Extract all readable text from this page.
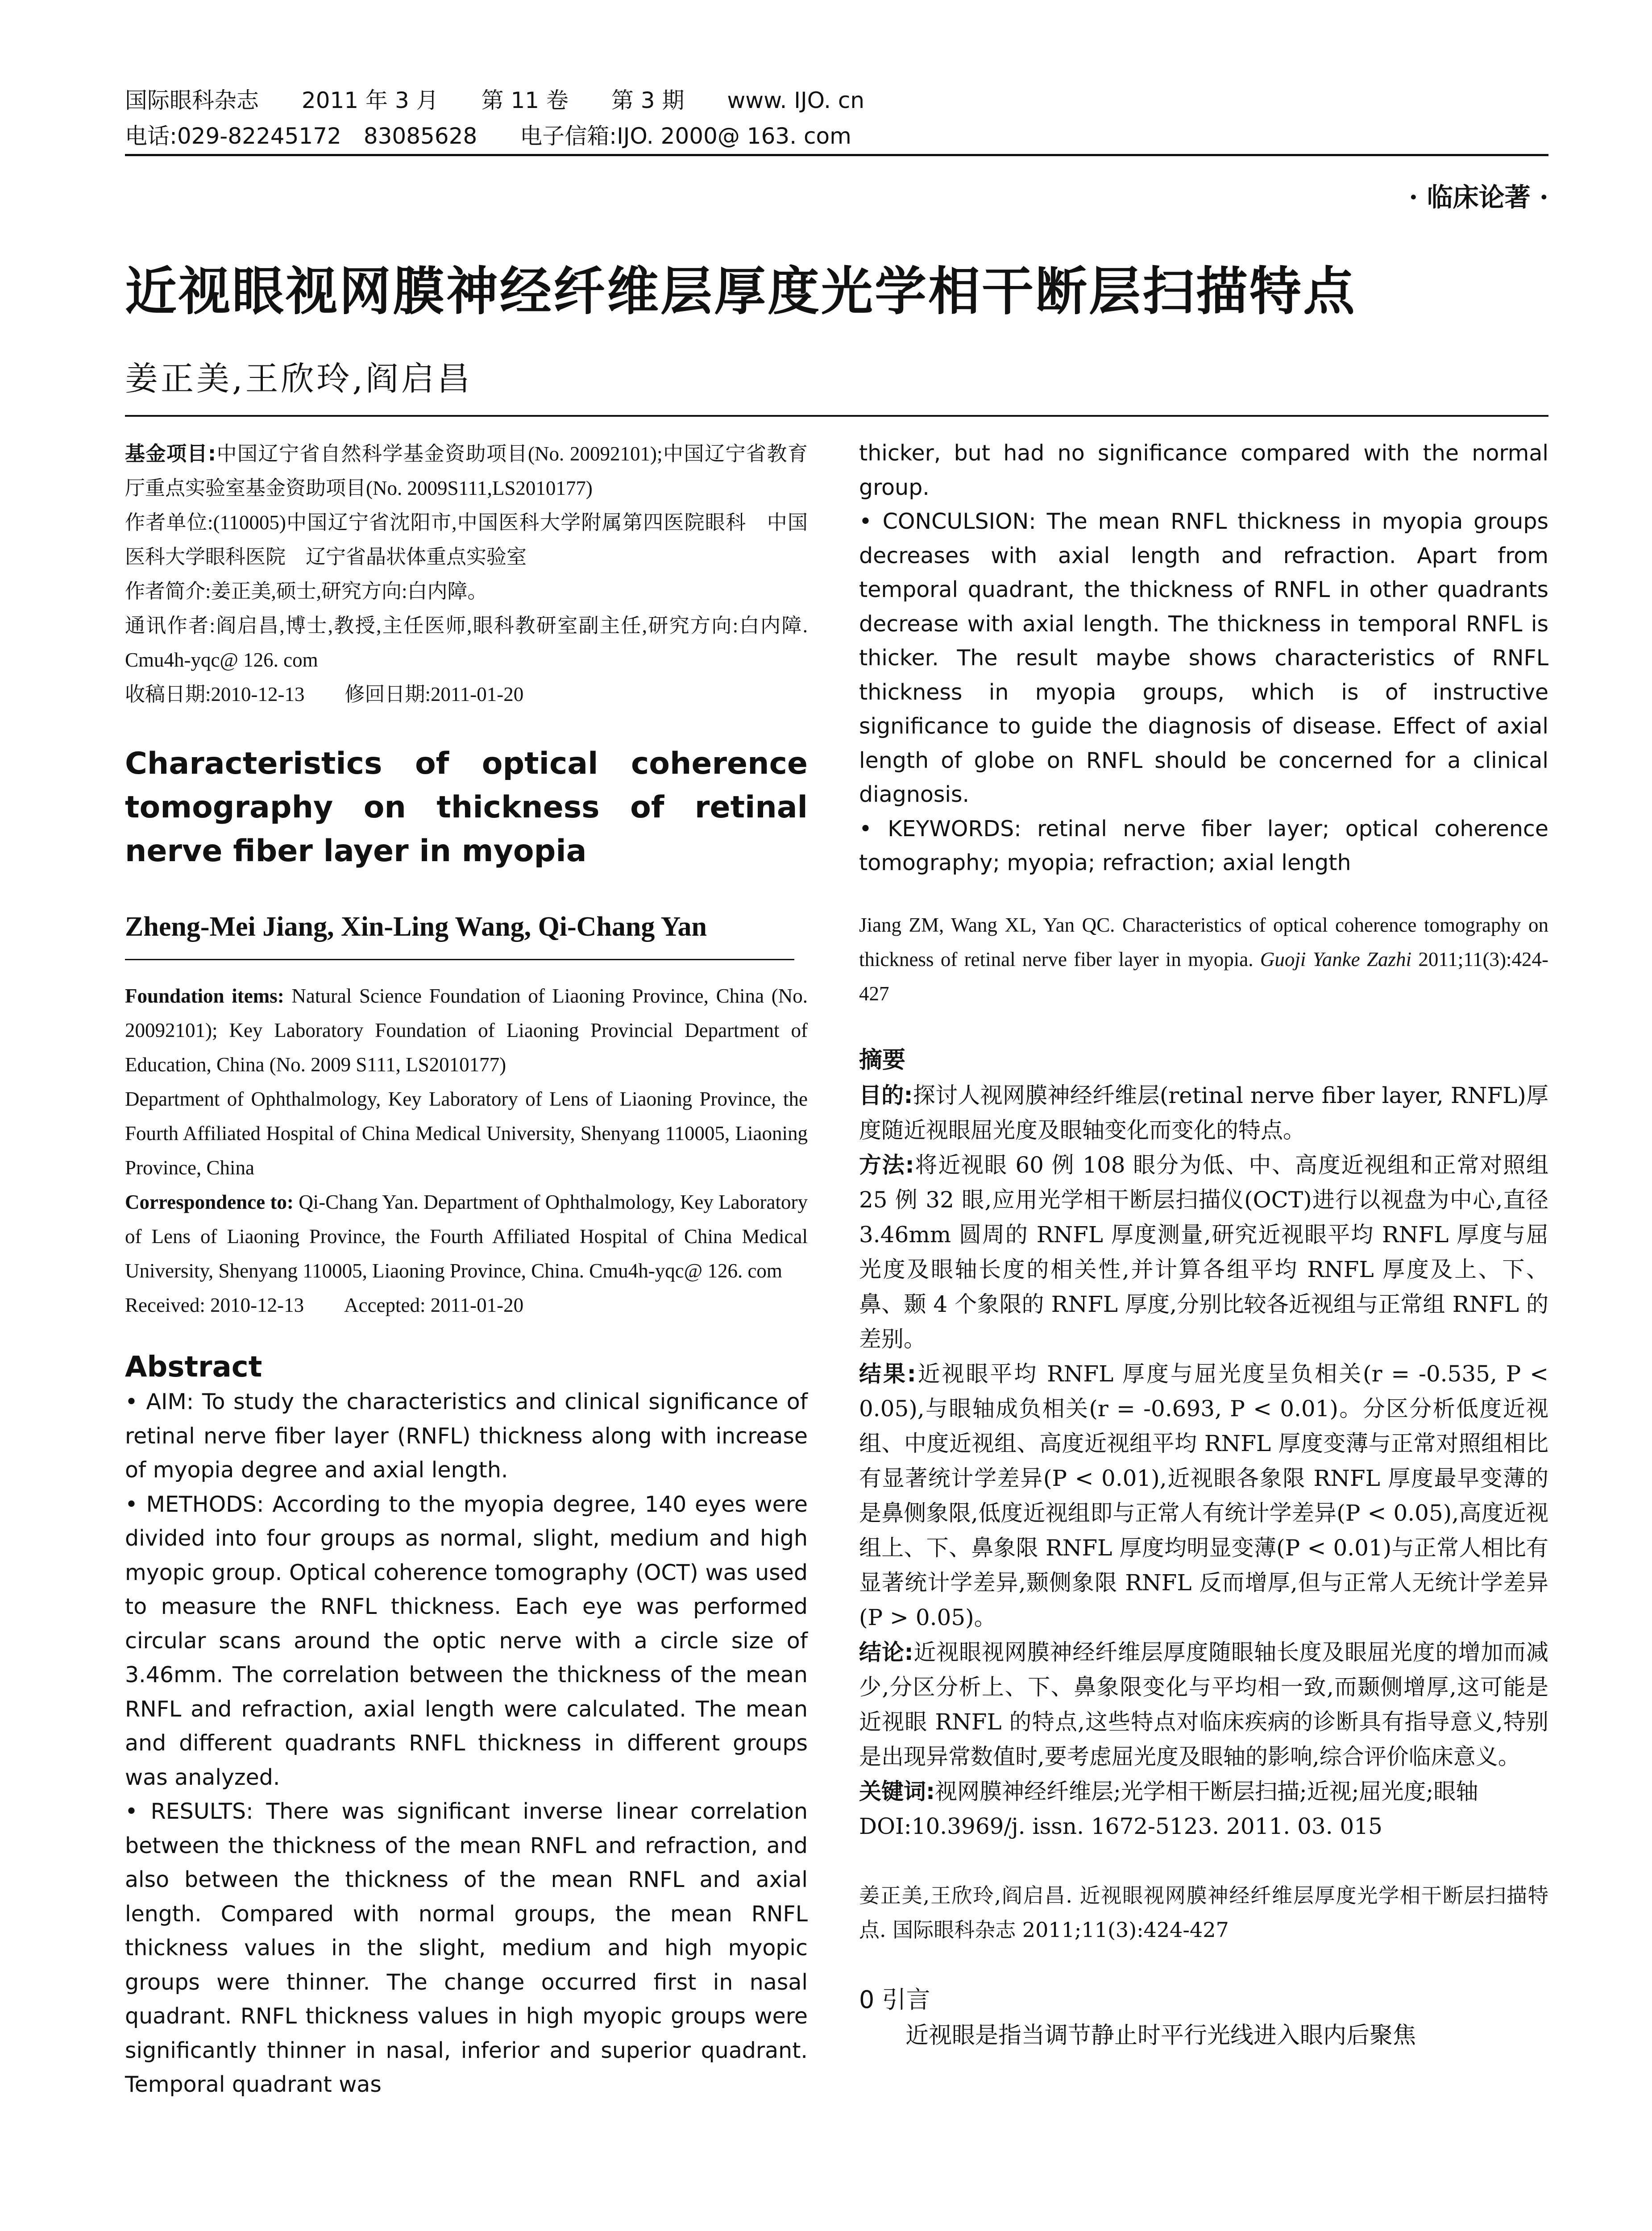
国际眼科杂志 2011 年 3 月 第 11 卷 第 3 期 www. IJO. cn
电话:029-82245172　83085628 电子信箱:IJO. 2000@ 163. com
· 临床论著 ·
近视眼视网膜神经纤维层厚度光学相干断层扫描特点
姜正美,王欣玲,阎启昌

基金项目:中国辽宁省自然科学基金资助项目(No. 20092101);中国辽宁省教育厅重点实验室基金资助项目(No. 2009S111,LS2010177)

作者单位:(110005)中国辽宁省沈阳市,中国医科大学附属第四医院眼科　中国医科大学眼科医院　辽宁省晶状体重点实验室

作者简介:姜正美,硕士,研究方向:白内障。

通讯作者:阎启昌,博士,教授,主任医师,眼科教研室副主任,研究方向:白内障. Cmu4h-yqc@ 126. com

收稿日期:2010-12-13　　修回日期:2011-01-20

Characteristics of optical coherence tomography on thickness of retinal nerve fiber layer in myopia
Zheng-Mei Jiang, Xin-Ling Wang, Qi-Chang Yan

Foundation items: Natural Science Foundation of Liaoning Province, China (No. 20092101); Key Laboratory Foundation of Liaoning Provincial Department of Education, China (No. 2009 S111, LS2010177)

Department of Ophthalmology, Key Laboratory of Lens of Liaoning Province, the Fourth Affiliated Hospital of China Medical University, Shenyang 110005, Liaoning Province, China

Correspondence to: Qi-Chang Yan. Department of Ophthalmology, Key Laboratory of Lens of Liaoning Province, the Fourth Affiliated Hospital of China Medical University, Shenyang 110005, Liaoning Province, China. Cmu4h-yqc@ 126. com

Received: 2010-12-13　　Accepted: 2011-01-20

Abstract

• AIM: To study the characteristics and clinical significance of retinal nerve fiber layer (RNFL) thickness along with increase of myopia degree and axial length.

• METHODS: According to the myopia degree, 140 eyes were divided into four groups as normal, slight, medium and high myopic group. Optical coherence tomography (OCT) was used to measure the RNFL thickness. Each eye was performed circular scans around the optic nerve with a circle size of 3.46mm. The correlation between the thickness of the mean RNFL and refraction, axial length were calculated. The mean and different quadrants RNFL thickness in different groups was analyzed.

• RESULTS: There was significant inverse linear correlation between the thickness of the mean RNFL and refraction, and also between the thickness of the mean RNFL and axial length. Compared with normal groups, the mean RNFL thickness values in the slight, medium and high myopic groups were thinner. The change occurred first in nasal quadrant. RNFL thickness values in high myopic groups were significantly thinner in nasal, inferior and superior quadrant. Temporal quadrant was

thicker, but had no significance compared with the normal group.

• CONCULSION: The mean RNFL thickness in myopia groups decreases with axial length and refraction. Apart from temporal quadrant, the thickness of RNFL in other quadrants decrease with axial length. The thickness in temporal RNFL is thicker. The result maybe shows characteristics of RNFL thickness in myopia groups, which is of instructive significance to guide the diagnosis of disease. Effect of axial length of globe on RNFL should be concerned for a clinical diagnosis.

• KEYWORDS: retinal nerve fiber layer; optical coherence tomography; myopia; refraction; axial length

Jiang ZM, Wang XL, Yan QC. Characteristics of optical coherence tomography on thickness of retinal nerve fiber layer in myopia. Guoji Yanke Zazhi 2011;11(3):424-427
摘要

目的:探讨人视网膜神经纤维层(retinal nerve fiber layer, RNFL)厚度随近视眼屈光度及眼轴变化而变化的特点。

方法:将近视眼 60 例 108 眼分为低、中、高度近视组和正常对照组 25 例 32 眼,应用光学相干断层扫描仪(OCT)进行以视盘为中心,直径 3.46mm 圆周的 RNFL 厚度测量,研究近视眼平均 RNFL 厚度与屈光度及眼轴长度的相关性,并计算各组平均 RNFL 厚度及上、下、鼻、颞 4 个象限的 RNFL 厚度,分别比较各近视组与正常组 RNFL 的差别。

结果:近视眼平均 RNFL 厚度与屈光度呈负相关(r = -0.535, P < 0.05),与眼轴成负相关(r = -0.693, P < 0.01)。分区分析低度近视组、中度近视组、高度近视组平均 RNFL 厚度变薄与正常对照组相比有显著统计学差异(P < 0.01),近视眼各象限 RNFL 厚度最早变薄的是鼻侧象限,低度近视组即与正常人有统计学差异(P < 0.05),高度近视组上、下、鼻象限 RNFL 厚度均明显变薄(P < 0.01)与正常人相比有显著统计学差异,颞侧象限 RNFL 反而增厚,但与正常人无统计学差异(P > 0.05)。

结论:近视眼视网膜神经纤维层厚度随眼轴长度及眼屈光度的增加而减少,分区分析上、下、鼻象限变化与平均相一致,而颞侧增厚,这可能是近视眼 RNFL 的特点,这些特点对临床疾病的诊断具有指导意义,特别是出现异常数值时,要考虑屈光度及眼轴的影响,综合评价临床意义。

关键词:视网膜神经纤维层;光学相干断层扫描;近视;屈光度;眼轴

DOI:10.3969/j. issn. 1672-5123. 2011. 03. 015

姜正美,王欣玲,阎启昌. 近视眼视网膜神经纤维层厚度光学相干断层扫描特点. 国际眼科杂志 2011;11(3):424-427
0 引言
近视眼是指当调节静止时平行光线进入眼内后聚焦
